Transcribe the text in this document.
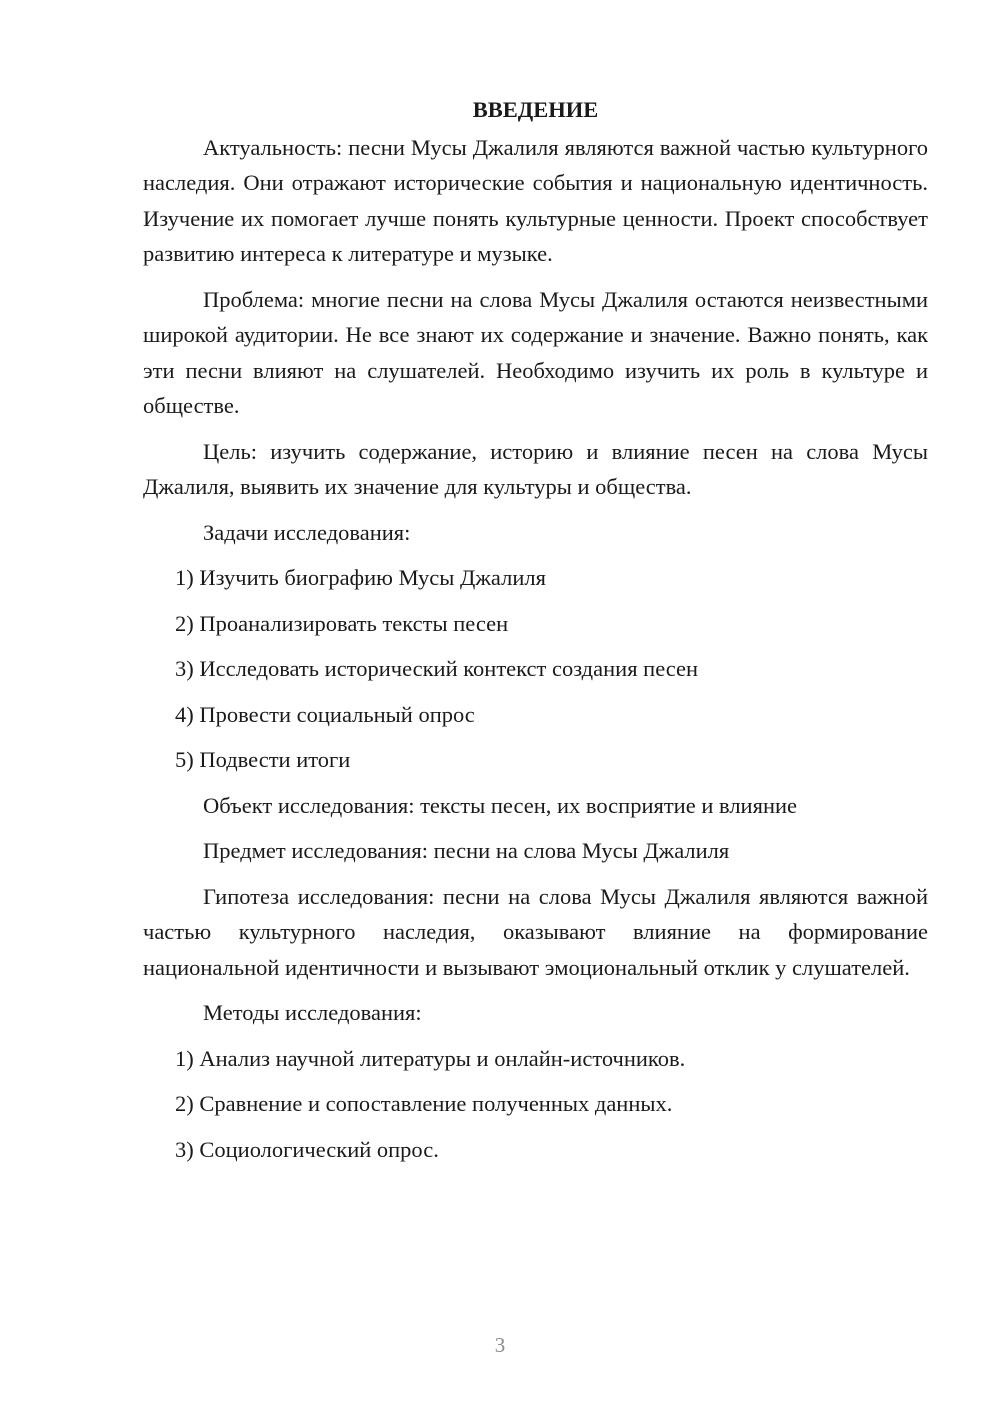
ВВЕДЕНИЕ

Актуальность: песни Мусы Джалиля являются важной частью культурного наследия. Они отражают исторические события и национальную идентичность. Изучение их помогает лучше понять культурные ценности. Проект способствует развитию интереса к литературе и музыке.

Проблема: многие песни на слова Мусы Джалиля остаются неизвестными широкой аудитории. Не все знают их содержание и значение. Важно понять, как эти песни влияют на слушателей. Необходимо изучить их роль в культуре и обществе.

Цель: изучить содержание, историю и влияние песен на слова Мусы Джалиля, выявить их значение для культуры и общества.

Задачи исследования:

1) Изучить биографию Мусы Джалиля

2) Проанализировать тексты песен

3) Исследовать исторический контекст создания песен

4) Провести социальный опрос

5) Подвести итоги

Объект исследования: тексты песен, их восприятие и влияние

Предмет исследования: песни на слова Мусы Джалиля

Гипотеза исследования: песни на слова Мусы Джалиля являются важной частью культурного наследия, оказывают влияние на формирование национальной идентичности и вызывают эмоциональный отклик у слушателей.

Методы исследования:

1) Анализ научной литературы и онлайн-источников.

2) Сравнение и сопоставление полученных данных.

3) Социологический опрос.

3
